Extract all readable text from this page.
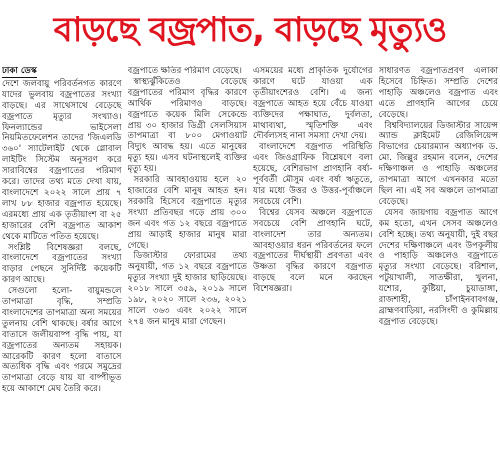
বাড়ছে বজ্রপাত, বাড়ছে মৃত্যুও
ঢাকা ডেস্ক

দেশে জলবায়ু পরিবর্তনগত কারণে যাদের ভুলবায় বজ্রপাতের সংখ্যা বাড়ছে। এর সাথেসাথে বেড়েছে বজ্রপাতে মৃত্যুর সংখ্যাও। ফিনল্যান্ডের ভাইসেলা নিয়মিতফেলেশন তাদের 'জিএলডি ৩৬০' স্যাটেলাইট থেকে গ্লোবাল লাইটিং সিস্টেম অনুসরণ করে সারাবিশ্বের বজ্রপাতের পরিমাণ করে। তাদের তথ্য মতে দেখা যায়, বাংলাদেশে ২০২২ সালে প্রায় ৭ লাখ ৮৮ হাজার বজ্রপাত হয়েছে। এরমধ্যে প্রায় এক তৃতীয়াংশ বা ২৫ হাজারের বেশি বজ্রপাত আকাশ থেকে মাটিতে পতিত হয়েছে।

সংশ্লিষ্ট বিশেষজ্ঞরা বলছে, বাংলাদেশে বজ্রপাতের সংখ্যা বাড়ার পেছনে সুনির্দিষ্ট কয়েকটি কারণ আছে।

সেগুলো হলো- বায়ুমন্ডলে তাপমাত্রা বৃদ্ধি, সম্প্রতি বাংলাদেশের তাপমাত্রা অন্য সময়ের তুলনায় বেশি থাকছে। বর্ষার আগে বাতাসে জলীয়বাষ্প বৃদ্ধি পায়, যা বজ্রপাতের অন্যতম সহায়ক। আরেকটি কারণ হলো বাতাসে অত্যধিক বৃদ্ধি এবং গরমে সমুদ্রের তাপমাত্রা বেড়ে যায় যা বাষ্পীভূত হয়ে আকাশে মেঘ তৈরি করে।

বজ্রপাতে ক্ষতির পরিমাণ বেড়েছে।

স্বাস্থ্যঝুঁকিতেও বেড়েছে বজ্রপাতের পরিমাণ বৃদ্ধির কারণে আর্থিক পরিমাণও বাড়ছে। বজ্রপাতে কয়েক মিলি সেকেন্ডে প্রায় ৩০ হাজার ডিগ্রী সেলসিয়াস তাপমাত্রা বা ৮০০ মেগাওয়াট বিদ্যুৎ আবদ্ধ হয়। এতে মানুষের মৃত্যু হয়। এসব ঘটনাস্থলেই ব্যক্তির মৃত্যু হয়।

সরকারি আবহাওয়ায় হলে ২০ হাজারের বেশি মানুষ আহত হন। সরকারি হিসেবে বজ্রপাতে মৃত্যুর সংখ্যা প্রতিবছর গড়ে প্রায় ৩০০ জন এবং গত ১২ বছরে বজ্রপাতে প্রায় আড়াই হাজার মানুষ মারা গেছে।

ডিজাস্টার ফোরামের তথ্য অনুযায়ী, গত ১২ বছরে বজ্রপাতে মৃত্যুর সংখ্যা দুই হাজার ছাড়িয়েছে। ২০১৮ সালে ৩৫৯, ২০১৯ সালে ১৯৮, ২০২০ সালে ২৩৬, ২০২১ সালে ৩৬৩ এবং ২০২২ সালে ২৭৪ জন মানুষ মারা গেছেন।

এসময়ের মধ্যে প্রাকৃতিক দুর্যোগের কারণে ঘটে যাওয়া এক তৃতীয়াংশেরও বেশি। এ জন্য বজ্রপাতে আহত হয়ে বেঁচে যাওয়া ব্যক্তিদের পক্ষাঘাত, দুর্বলতা, মাথাব্যথা, স্মৃতিশক্তি এবং দৌর্বল্যসহ নানা সমস্যা দেখা দেয়।

বাংলাদেশে বজ্রপাত পরিস্থিতি এবং জিওগ্রাফিক বিশ্লেষণে বলা হয়েছে, বেশিরভাগ প্রাণহানি বর্ষা-পূর্ববর্তী মৌসুম এবং বর্ষা ঋতুতে, যার মধ্যে উত্তর ও উত্তর-পূর্বাঞ্চলে সবচেয়ে বেশি।

বিশ্বের যেসব অঞ্চলে বজ্রপাতে সবচেয়ে বেশি প্রাণহানি ঘটে, বাংলাদেশ তার অন্যতম। আবহাওয়ার ধরন পরিবর্তনের ফলে বজ্রপাতের দীর্ঘস্থায়ী প্রবণতা এবং উষ্ণতা বৃদ্ধির কারণে বজ্রপাত বাড়ছে বলে মনে করছেন বিশেষজ্ঞরা।

সাধারণত বজ্রপাতপ্রবণ এলাকা হিসেবে চিহ্নিত। সম্প্রতি দেশের পাহাড়ি অঞ্চলেও বজ্রপাত এবং এতে প্রাণহানি আগের চেয়ে বেড়েছে।

বিশ্ববিদ্যালয়ের ডিজাস্টার সায়েন্স অ্যান্ড ক্লাইমেট রেজিলিয়েন্স বিভাগের চেয়ারম্যান অধ্যাপক ড. মো. জিল্লুর রহমান বলেন, দেশের দক্ষিণাঞ্চল ও পাহাড়ি অঞ্চলের তাপমাত্রা আগে এখনকার মতো ছিল না। এই সব অঞ্চলে তাপমাত্রা বেড়েছে।

যেসব জায়গায় বজ্রপাত আগে কম হতো, এখন সেসব অঞ্চলেও বেশি হচ্ছে। তথ্য অনুযায়ী, দুই বছর দেশের দক্ষিণাঞ্চলে এবং উপকূলীয় ও পাহাড়ি অঞ্চলেও বজ্রপাতে মৃত্যুর সংখ্যা বেড়েছে। বরিশাল, পটুয়াখালী, সাতক্ষীরা, খুলনা, যশোর, কুষ্টিয়া, চুয়াডাঙ্গা, রাজশাহী, চাঁপাইনবাবগঞ্জ, ব্রাহ্মণবাড়িয়া, নরসিংদী ও কুমিল্লায় বজ্রপাত বেড়েছে।
